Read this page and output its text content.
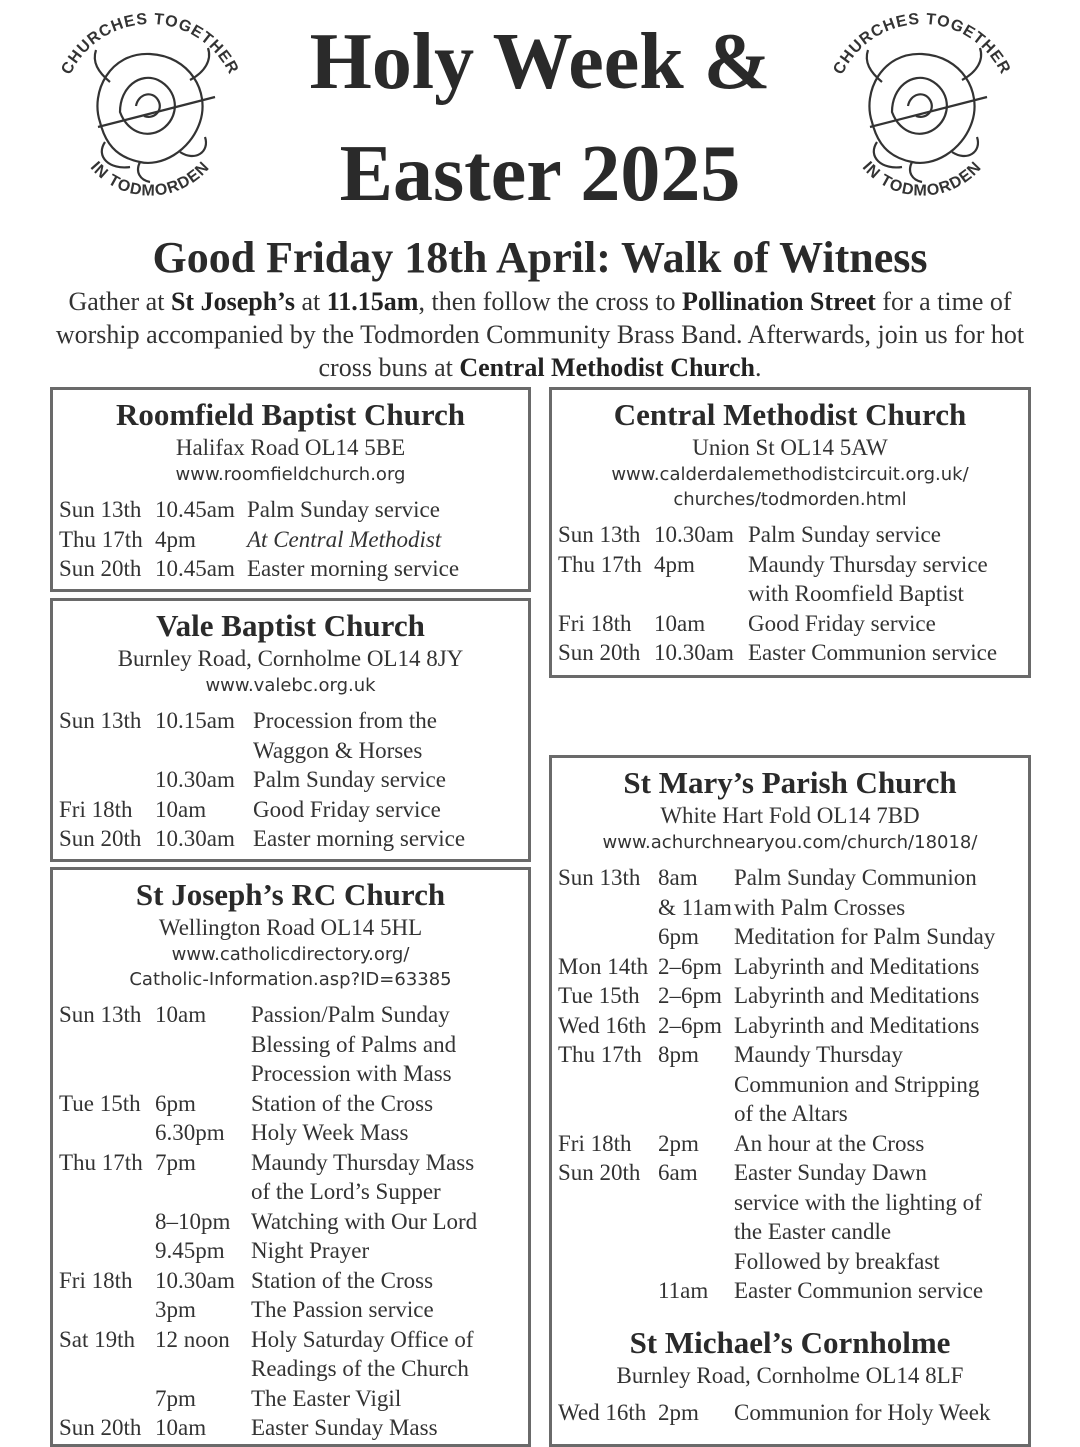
CHURCHES TOGETHER
IN TODMORDEN
CHURCHES TOGETHER
IN TODMORDEN
Holy Week &
Easter 2025
Good Friday 18th April: Walk of Witness
Gather at St Joseph’s at 11.15am, then follow the cross to Pollination Street for a time of worship accompanied by the Todmorden Community Brass Band. Afterwards, join us for hot cross buns at Central Methodist Church.
Roomfield Baptist Church
Halifax Road OL14 5BE
www.roomfieldchurch.org
Sun 13th	10.45am	Palm Sunday service
Thu 17th	4pm	At Central Methodist
Sun 20th	10.45am	Easter morning service
Vale Baptist Church
Burnley Road, Cornholme OL14 8JY
www.valebc.org.uk
Sun 13th	10.15am	Procession from the
		Waggon & Horses
	10.30am	Palm Sunday service
Fri 18th	10am	Good Friday service
Sun 20th	10.30am	Easter morning service
St Joseph’s RC Church
Wellington Road OL14 5HL
www.catholicdirectory.org/
Catholic-Information.asp?ID=63385
Sun 13th	10am	Passion/Palm Sunday
		Blessing of Palms and
		Procession with Mass
Tue 15th	6pm	Station of the Cross
	6.30pm	Holy Week Mass
Thu 17th	7pm	Maundy Thursday Mass
		of the Lord’s Supper
	8–10pm	Watching with Our Lord
	9.45pm	Night Prayer
Fri 18th	10.30am	Station of the Cross
	3pm	The Passion service
Sat 19th	12 noon	Holy Saturday Office of
		Readings of the Church
	7pm	The Easter Vigil
Sun 20th	10am	Easter Sunday Mass
Central Methodist Church
Union St OL14 5AW
www.calderdalemethodistcircuit.org.uk/
churches/todmorden.html
Sun 13th	10.30am	Palm Sunday service
Thu 17th	4pm	Maundy Thursday service
		with Roomfield Baptist
Fri 18th	10am	Good Friday service
Sun 20th	10.30am	Easter Communion service
St Mary’s Parish Church
White Hart Fold OL14 7BD
www.achurchnearyou.com/church/18018/
Sun 13th	8am	Palm Sunday Communion
	& 11am	with Palm Crosses
	6pm	Meditation for Palm Sunday
Mon 14th	2–6pm	Labyrinth and Meditations
Tue 15th	2–6pm	Labyrinth and Meditations
Wed 16th	2–6pm	Labyrinth and Meditations
Thu 17th	8pm	Maundy Thursday
		Communion and Stripping
		of the Altars
Fri 18th	2pm	An hour at the Cross
Sun 20th	6am	Easter Sunday Dawn
		service with the lighting of
		the Easter candle
		Followed by breakfast
	11am	Easter Communion service
St Michael’s Cornholme
Burnley Road, Cornholme OL14 8LF
Wed 16th	2pm	Communion for Holy Week
